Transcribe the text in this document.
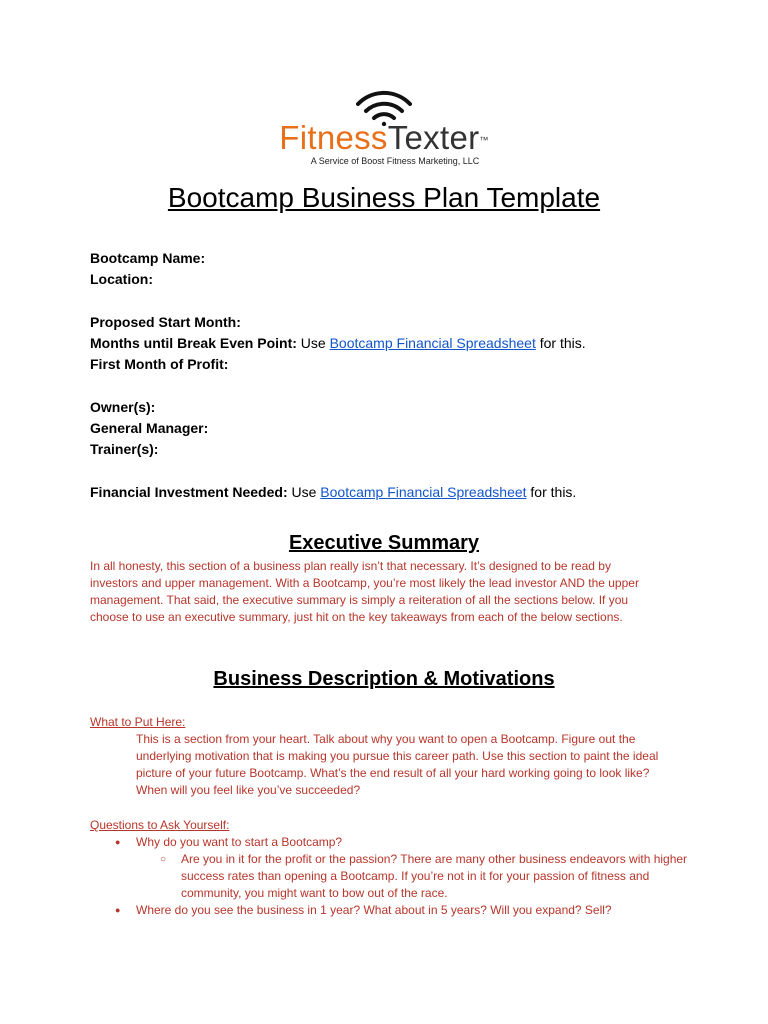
FitnessTexter™
A Service of Boost Fitness Marketing, LLC
Bootcamp Business Plan Template
Bootcamp Name:
Location:
Proposed Start Month:
Months until Break Even Point: Use Bootcamp Financial Spreadsheet for this.
First Month of Profit:
Owner(s):
General Manager:
Trainer(s):
Financial Investment Needed: Use Bootcamp Financial Spreadsheet for this.
Executive Summary
In all honesty, this section of a business plan really isn’t that necessary. It’s designed to be read by
investors and upper management. With a Bootcamp, you’re most likely the lead investor AND the upper
management. That said, the executive summary is simply a reiteration of all the sections below. If you
choose to use an executive summary, just hit on the key takeaways from each of the below sections.
Business Description & Motivations
What to Put Here:
This is a section from your heart. Talk about why you want to open a Bootcamp. Figure out the
underlying motivation that is making you pursue this career path. Use this section to paint the ideal
picture of your future Bootcamp. What’s the end result of all your hard working going to look like?
When will you feel like you’ve succeeded?
Questions to Ask Yourself:
● Why do you want to start a Bootcamp?
○ Are you in it for the profit or the passion? There are many other business endeavors with higher success rates than opening a Bootcamp. If you’re not in it for your passion of fitness and community, you might want to bow out of the race.
● Where do you see the business in 1 year? What about in 5 years? Will you expand? Sell?
